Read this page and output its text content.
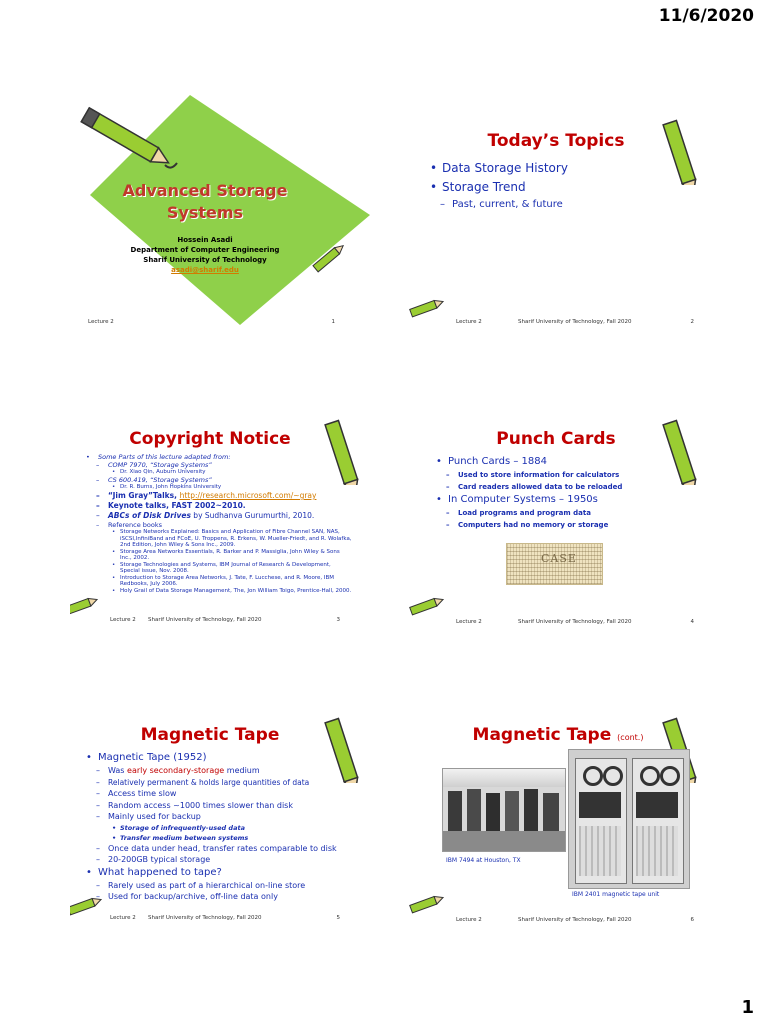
11/6/2020
Advanced Storage
Systems
Hossein Asadi
Department of Computer Engineering
Sharif University of Technology
asadi@sharif.edu
Lecture 2	1
Today’s Topics
• Data Storage History
• Storage Trend
– Past, current, & future
Lecture 2	Sharif University of Technology, Fall 2020	2
Copyright Notice
• Some Parts of this lecture adapted from:
– COMP 7970, “Storage Systems”
• Dr. Xiao Qin, Auburn University
– CS 600.419, “Storage Systems”
• Dr. R. Burns, John Hopkins University
– “Jim Gray”Talks, http://research.microsoft.com/~gray
– Keynote talks, FAST 2002~2010.
– ABCs of Disk Drives by Sudhanva Gurumurthi, 2010.
– Reference books
• Storage Networks Explained: Basics and Application of Fibre Channel SAN, NAS, iSCSI,InfiniBand and FCoE, U. Troppens, R. Erkens, W. Mueller-Friedt, and R. Wolafka, 2nd Edition, John Wiley & Sons Inc., 2009.
• Storage Area Networks Essentials, R. Barker and P. Massiglia, John Wiley & Sons Inc., 2002.
• Storage Technologies and Systems, IBM Journal of Research & Development, Special issue, Nov. 2008.
• Introduction to Storage Area Networks, J. Tate, F. Lucchese, and R. Moore, IBM Redbooks, July 2006.
• Holy Grail of Data Storage Management, The, Jon William Toigo, Prentice-Hall, 2000.
Lecture 2 Sharif University of Technology, Fall 2020	3
Punch Cards
• Punch Cards – 1884
– Used to store information for calculators
– Card readers allowed data to be reloaded
• In Computer Systems – 1950s
– Load programs and program data
– Computers had no memory or storage
CASE
Lecture 2	Sharif University of Technology, Fall 2020	4
Magnetic Tape
• Magnetic Tape (1952)
– Was early secondary-storage medium
– Relatively permanent & holds large quantities of data
– Access time slow
– Random access ~1000 times slower than disk
– Mainly used for backup
• Storage of infrequently-used data
• Transfer medium between systems
– Once data under head, transfer rates comparable to disk
– 20-200GB typical storage
• What happened to tape?
– Rarely used as part of a hierarchical on-line store
– Used for backup/archive, off-line data only
Lecture 2 Sharif University of Technology, Fall 2020	5
Magnetic Tape (cont.)
IBM 7494 at Houston, TX
IBM 2401 magnetic tape unit
Lecture 2	Sharif University of Technology, Fall 2020	6
1
